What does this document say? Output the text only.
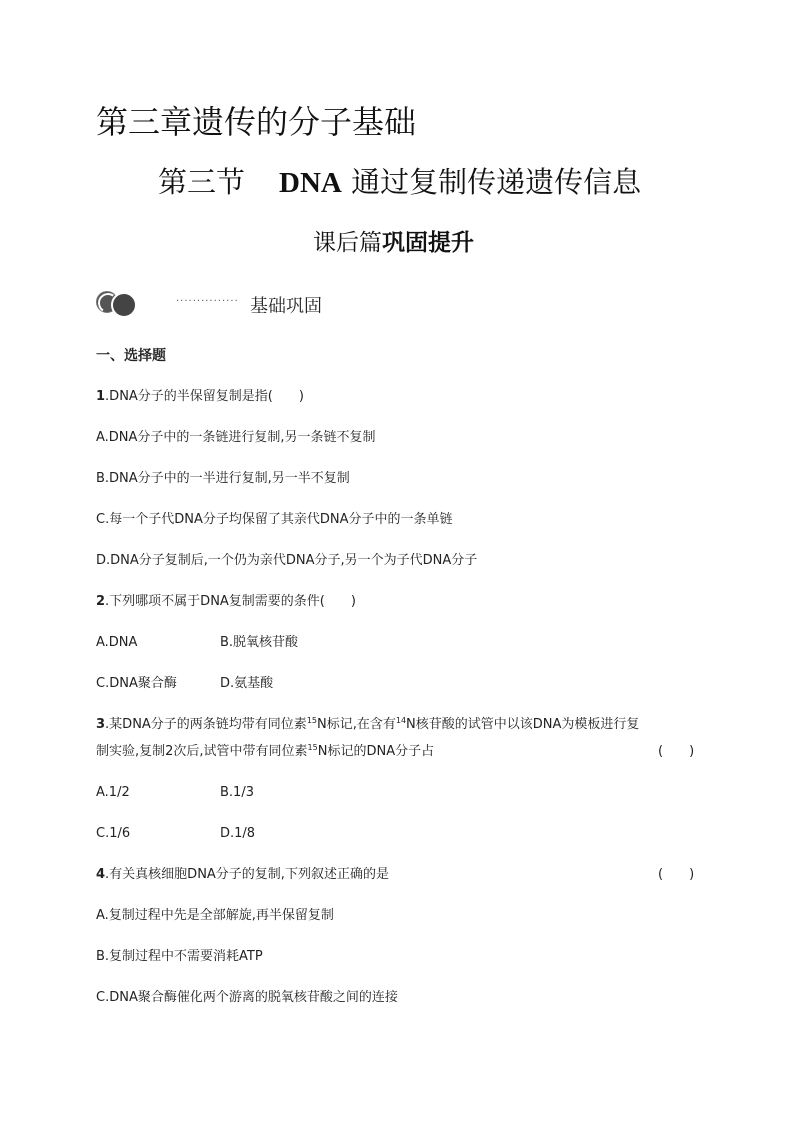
第三章遗传的分子基础
第三节 DNA 通过复制传递遗传信息
课后篇巩固提升
··············· 基础巩固
一、选择题
1.DNA分子的半保留复制是指(　　)
A.DNA分子中的一条链进行复制,另一条链不复制
B.DNA分子中的一半进行复制,另一半不复制
C.每一个子代DNA分子均保留了其亲代DNA分子中的一条单链
D.DNA分子复制后,一个仍为亲代DNA分子,另一个为子代DNA分子
2.下列哪项不属于DNA复制需要的条件(　　)
A.DNA	B.脱氧核苷酸
C.DNA聚合酶	D.氨基酸
3.某DNA分子的两条链均带有同位素$^{15}$N标记,在含有$^{14}$N核苷酸的试管中以该DNA为模板进行复
制实验,复制2次后,试管中带有同位素$^{15}$N标记的DNA分子占	(　　)
A.1/2	B.1/3
C.1/6	D.1/8
4.有关真核细胞DNA分子的复制,下列叙述正确的是	(　　)
A.复制过程中先是全部解旋,再半保留复制
B.复制过程中不需要消耗ATP
C.DNA聚合酶催化两个游离的脱氧核苷酸之间的连接
